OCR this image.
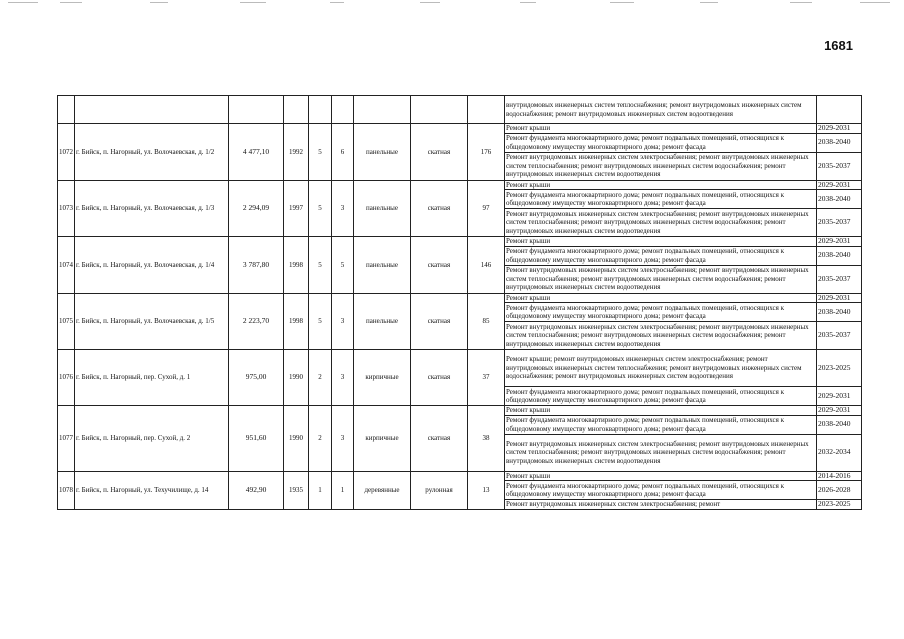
1681
									внутридомовых инженерных систем теплоснабжения; ремонт внутридомовых инженерных систем водоснабжения; ремонт внутридомовых инженерных систем водоотведения	
1072	г. Бийск, п. Нагорный, ул. Волочаевская, д. 1/2	4 477,10	1992	5	6	панельные	скатная	176	Ремонт крыши	2029-2031
									Ремонт фундамента многоквартирного дома; ремонт подвальных помещений, относящихся к общедомовому имуществу многоквартирного дома; ремонт фасада	2038-2040
									Ремонт внутридомовых инженерных систем электроснабжения; ремонт внутридомовых инженерных систем теплоснабжения; ремонт внутридомовых инженерных систем водоснабжения; ремонт внутридомовых инженерных систем водоотведения	2035-2037
1073	г. Бийск, п. Нагорный, ул. Волочаевская, д. 1/3	2 294,09	1997	5	3	панельные	скатная	97	Ремонт крыши	2029-2031
									Ремонт фундамента многоквартирного дома; ремонт подвальных помещений, относящихся к общедомовому имуществу многоквартирного дома; ремонт фасада	2038-2040
									Ремонт внутридомовых инженерных систем электроснабжения; ремонт внутридомовых инженерных систем теплоснабжения; ремонт внутридомовых инженерных систем водоснабжения; ремонт внутридомовых инженерных систем водоотведения	2035-2037
1074	г. Бийск, п. Нагорный, ул. Волочаевская, д. 1/4	3 787,80	1998	5	5	панельные	скатная	146	Ремонт крыши	2029-2031
									Ремонт фундамента многоквартирного дома; ремонт подвальных помещений, относящихся к общедомовому имуществу многоквартирного дома; ремонт фасада	2038-2040
									Ремонт внутридомовых инженерных систем электроснабжения; ремонт внутридомовых инженерных систем теплоснабжения; ремонт внутридомовых инженерных систем водоснабжения; ремонт внутридомовых инженерных систем водоотведения	2035-2037
1075	г. Бийск, п. Нагорный, ул. Волочаевская, д. 1/5	2 223,70	1998	5	3	панельные	скатная	85	Ремонт крыши	2029-2031
									Ремонт фундамента многоквартирного дома; ремонт подвальных помещений, относящихся к общедомовому имуществу многоквартирного дома; ремонт фасада	2038-2040
									Ремонт внутридомовых инженерных систем электроснабжения; ремонт внутридомовых инженерных систем теплоснабжения; ремонт внутридомовых инженерных систем водоснабжения; ремонт внутридомовых инженерных систем водоотведения	2035-2037
1076	г. Бийск, п. Нагорный, пер. Сухой, д. 1	975,00	1990	2	3	кирпичные	скатная	37	Ремонт крыши; ремонт внутридомовых инженерных систем электроснабжения; ремонт внутридомовых инженерных систем теплоснабжения; ремонт внутридомовых инженерных систем водоснабжения; ремонт внутридомовых инженерных систем водоотведения	2023-2025
									Ремонт фундамента многоквартирного дома; ремонт подвальных помещений, относящихся к общедомовому имуществу многоквартирного дома; ремонт фасада	2029-2031
1077	г. Бийск, п. Нагорный, пер. Сухой, д. 2	951,60	1990	2	3	кирпичные	скатная	38	Ремонт крыши	2029-2031
									Ремонт фундамента многоквартирного дома; ремонт подвальных помещений, относящихся к общедомовому имуществу многоквартирного дома; ремонт фасада	2038-2040
									Ремонт внутридомовых инженерных систем электроснабжения; ремонт внутридомовых инженерных систем теплоснабжения; ремонт внутридомовых инженерных систем водоснабжения; ремонт внутридомовых инженерных систем водоотведения	2032-2034
1078	г. Бийск, п. Нагорный, ул. Техучилище, д. 14	492,90	1935	1	1	деревянные	рулонная	13	Ремонт крыши	2014-2016
									Ремонт фундамента многоквартирного дома; ремонт подвальных помещений, относящихся к общедомовому имуществу многоквартирного дома; ремонт фасада	2026-2028
									Ремонт внутридомовых инженерных систем электроснабжения; ремонт	2023-2025
